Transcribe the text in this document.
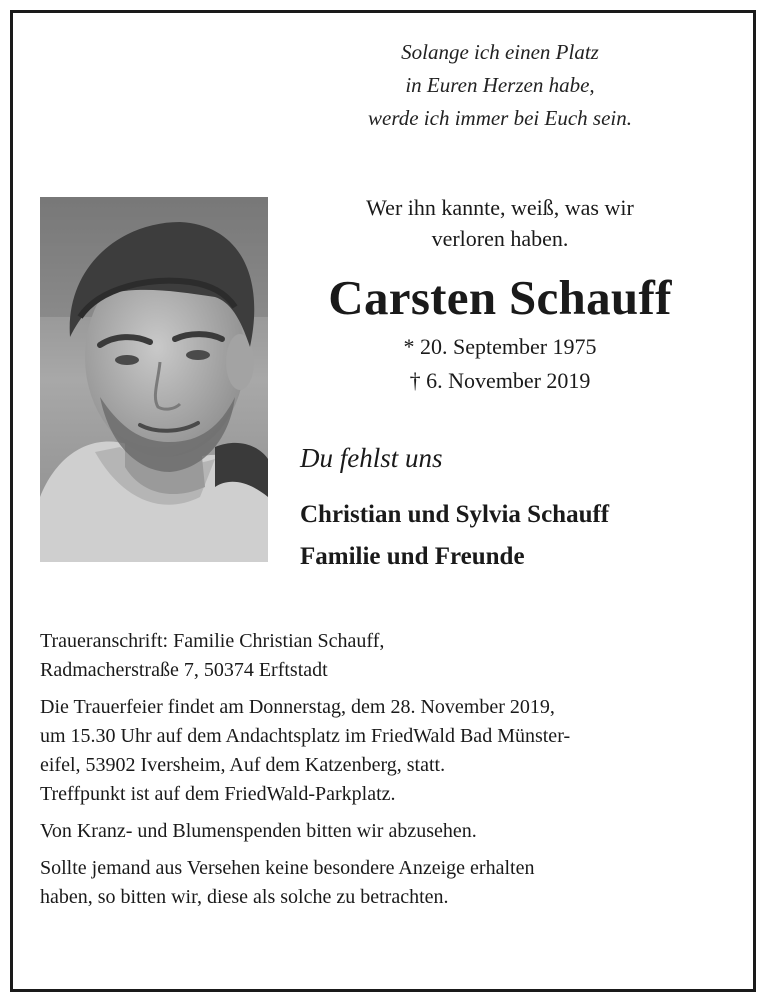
Solange ich einen Platz
in Euren Herzen habe,
werde ich immer bei Euch sein.
Wer ihn kannte, weiß, was wir
verloren haben.
Carsten Schauff
* 20. September 1975
† 6. November 2019
Du fehlst uns
Christian und Sylvia Schauff
Familie und Freunde

Traueranschrift: Familie Christian Schauff,
Radmacherstraße 7, 50374 Erftstadt

Die Trauerfeier findet am Donnerstag, dem 28. November 2019,
um 15.30 Uhr auf dem Andachtsplatz im FriedWald Bad Münster-
eifel, 53902 Iversheim, Auf dem Katzenberg, statt.
Treffpunkt ist auf dem FriedWald-Parkplatz.

Von Kranz- und Blumenspenden bitten wir abzusehen.

Sollte jemand aus Versehen keine besondere Anzeige erhalten
haben, so bitten wir, diese als solche zu betrachten.
